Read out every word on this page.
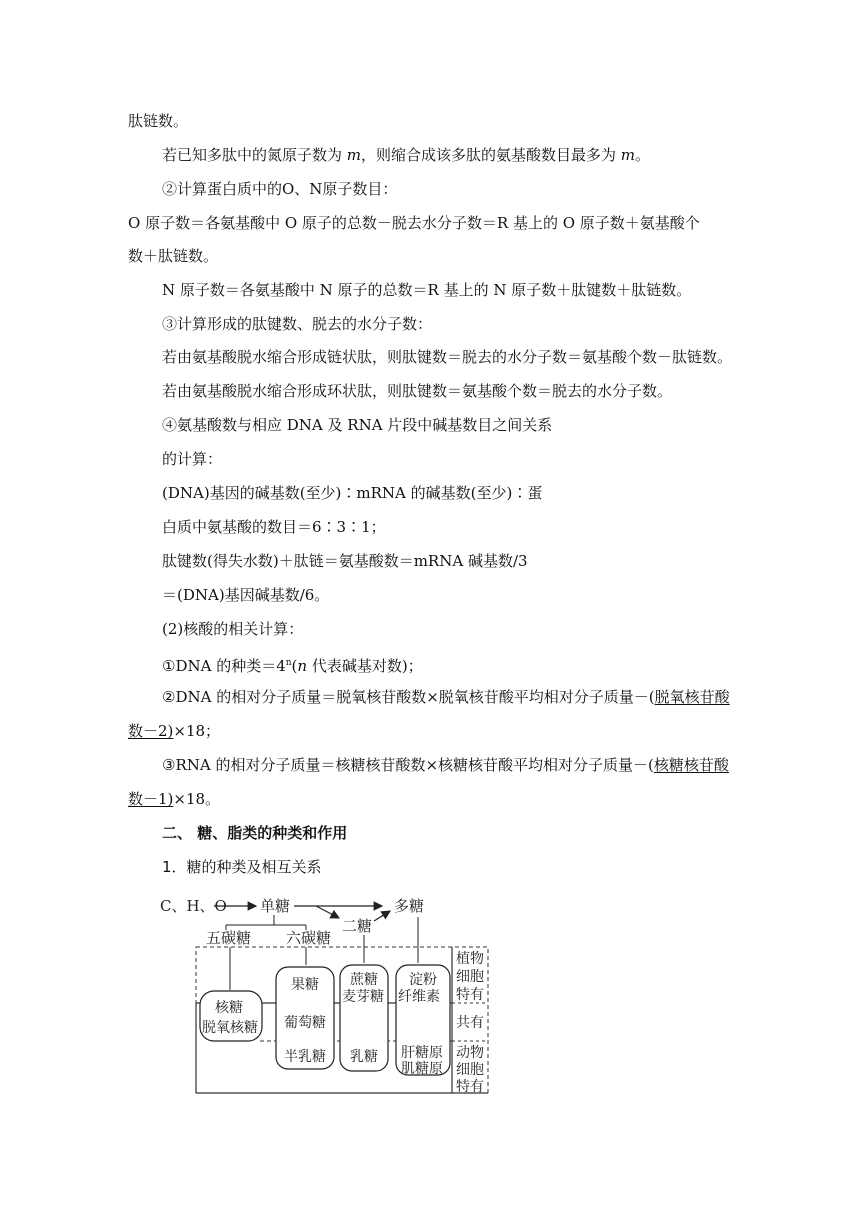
肽链数。
若已知多肽中的氮原子数为 m，则缩合成该多肽的氨基酸数目最多为 m。
②计算蛋白质中的O、N原子数目：
O 原子数＝各氨基酸中 O 原子的总数－脱去水分子数＝R 基上的 O 原子数＋氨基酸个
数＋肽链数。
N 原子数＝各氨基酸中 N 原子的总数＝R 基上的 N 原子数＋肽键数＋肽链数。
③计算形成的肽键数、脱去的水分子数：
若由氨基酸脱水缩合形成链状肽，则肽键数＝脱去的水分子数＝氨基酸个数－肽链数。
若由氨基酸脱水缩合形成环状肽，则肽键数＝氨基酸个数＝脱去的水分子数。
④氨基酸数与相应 DNA 及 RNA 片段中碱基数目之间关系
的计算：
(DNA)基因的碱基数(至少)∶mRNA 的碱基数(至少)∶蛋
白质中氨基酸的数目＝6∶3∶1；
肽键数(得失水数)＋肽链＝氨基酸数＝mRNA 碱基数/3
＝(DNA)基因碱基数/6。
(2)核酸的相关计算：
①DNA 的种类$=4^n(n$ 代表碱基对数)；
②DNA 的相对分子质量＝脱氧核苷酸数×脱氧核苷酸平均相对分子质量－(脱氧核苷酸
数－2)×18；
③RNA 的相对分子质量＝核糖核苷酸数×核糖核苷酸平均相对分子质量－(核糖核苷酸
数－1)×18。
二、 糖、脂类的种类和作用
1．糖的种类及相互关系
C、H、O 单糖
二糖
多糖
五碳糖 六碳糖
核糖
脱氧核糖
果糖
葡萄糖
半乳糖
蔗糖
麦芽糖
乳糖
淀粉
纤维素
肝糖原
肌糖原
植物
细胞
特有
共有
动物
细胞
特有
